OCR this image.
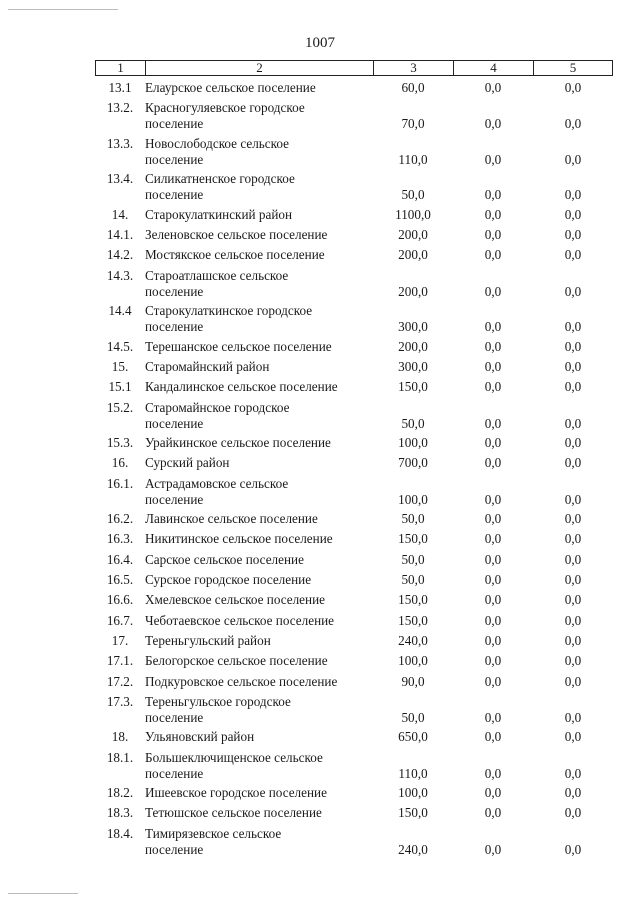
1007
1	2	3	4	5
13.1	Елаурское сельское поселение	60,0	0,0	0,0
13.2. Красногуляевское городское
поселение	70,0	0,0	0,0
13.3. Новослободское сельское
поселение	110,0	0,0	0,0
13.4. Силикатненское городское
поселение	50,0	0,0	0,0
14.	Старокулаткинский район	1100,0	0,0	0,0
14.1. Зеленовское сельское поселение	200,0	0,0	0,0
14.2. Мостякское сельское поселение	200,0	0,0	0,0
14.3. Староатлашское сельское
поселение	200,0	0,0	0,0
14.4	Старокулаткинское городское
поселение	300,0	0,0	0,0
14.5. Терешанское сельское поселение	200,0	0,0	0,0
15.	Старомайнский район	300,0	0,0	0,0
15.1	Кандалинское сельское поселение	150,0	0,0	0,0
15.2. Старомайнское городское
поселение	50,0	0,0	0,0
15.3. Урайкинское сельское поселение	100,0	0,0	0,0
16.	Сурский район	700,0	0,0	0,0
16.1. Астрадамовское сельское
поселение	100,0	0,0	0,0
16.2. Лавинское сельское поселение	50,0	0,0	0,0
16.3. Никитинское сельское поселение	150,0	0,0	0,0
16.4. Сарское сельское поселение	50,0	0,0	0,0
16.5. Сурское городское поселение	50,0	0,0	0,0
16.6. Хмелевское сельское поселение	150,0	0,0	0,0
16.7. Чеботаевское сельское поселение	150,0	0,0	0,0
17.	Тереньгульский район	240,0	0,0	0,0
17.1. Белогорское сельское поселение	100,0	0,0	0,0
17.2. Подкуровское сельское поселение	90,0	0,0	0,0
17.3. Тереньгульское городское
поселение	50,0	0,0	0,0
18.	Ульяновский район	650,0	0,0	0,0
18.1. Большеключищенское сельское
поселение	110,0	0,0	0,0
18.2. Ишеевское городское поселение	100,0	0,0	0,0
18.3. Тетюшское сельское поселение	150,0	0,0	0,0
18.4. Тимирязевское сельское
поселение	240,0	0,0	0,0
